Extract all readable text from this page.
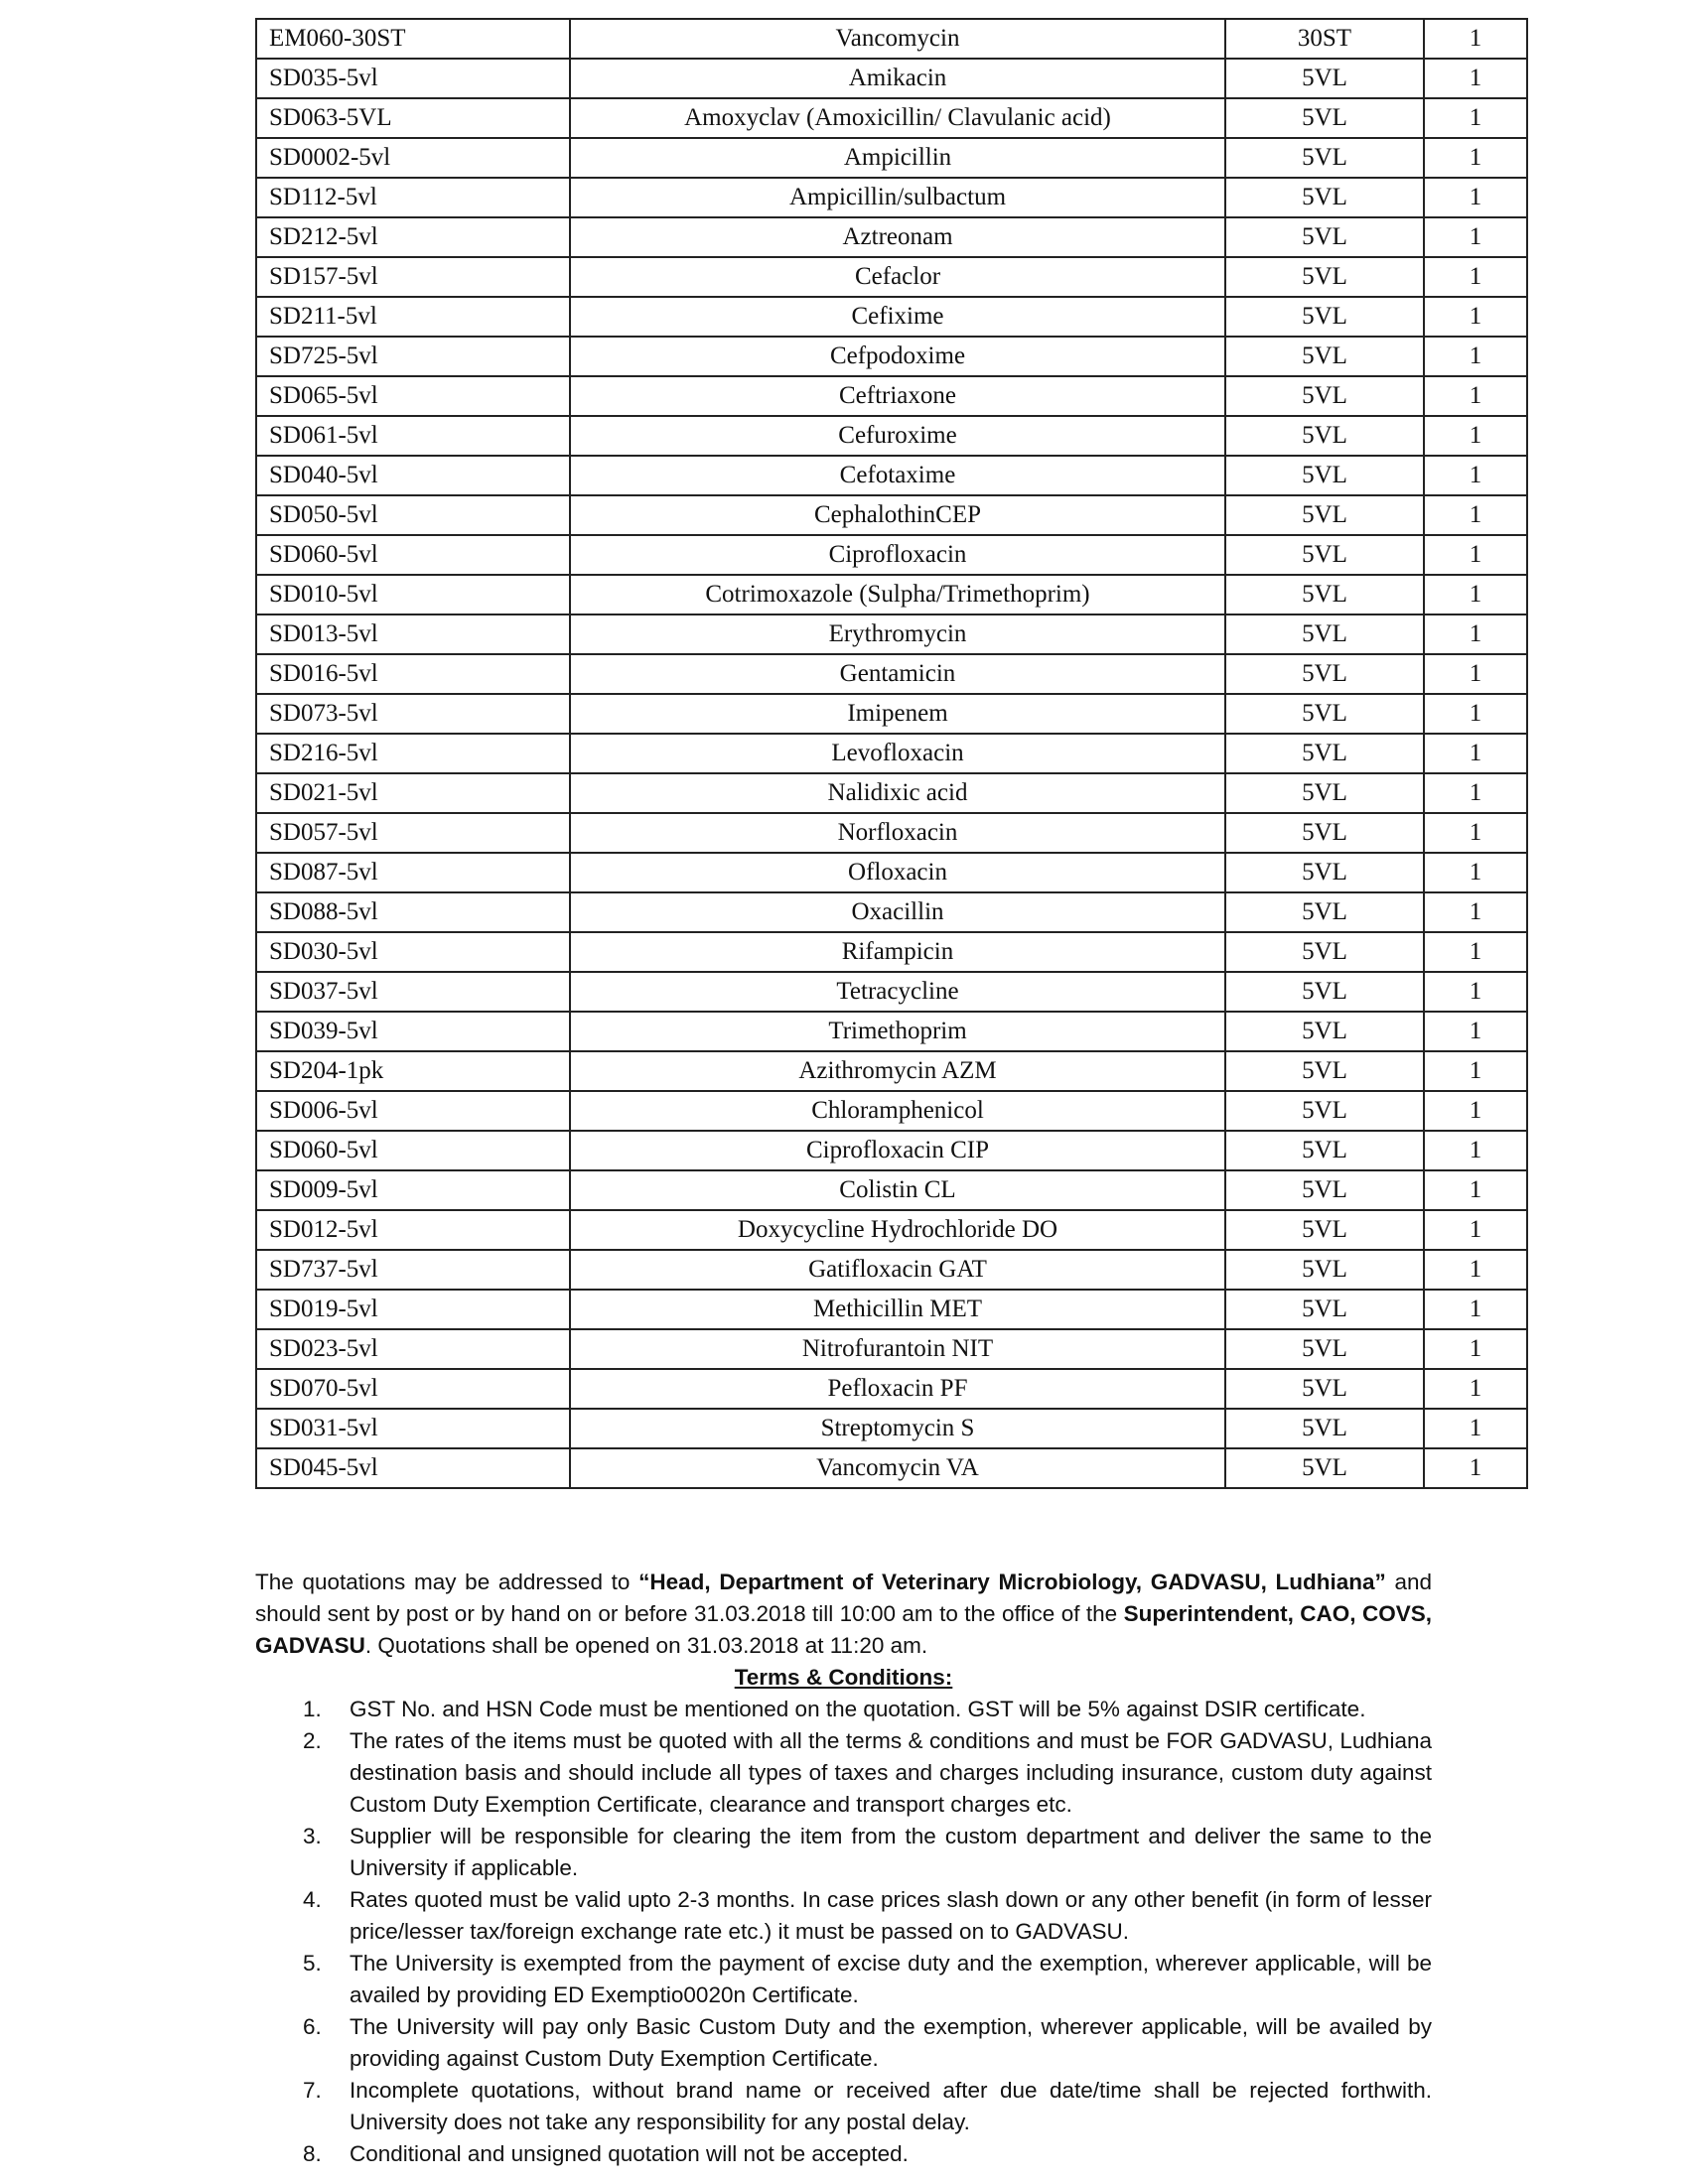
EM060-30ST	Vancomycin	30ST	1
SD035-5vl	Amikacin	5VL	1
SD063-5VL	Amoxyclav (Amoxicillin/ Clavulanic acid)	5VL	1
SD0002-5vl	Ampicillin	5VL	1
SD112-5vl	Ampicillin/sulbactum	5VL	1
SD212-5vl	Aztreonam	5VL	1
SD157-5vl	Cefaclor	5VL	1
SD211-5vl	Cefixime	5VL	1
SD725-5vl	Cefpodoxime	5VL	1
SD065-5vl	Ceftriaxone	5VL	1
SD061-5vl	Cefuroxime	5VL	1
SD040-5vl	Cefotaxime	5VL	1
SD050-5vl	CephalothinCEP	5VL	1
SD060-5vl	Ciprofloxacin	5VL	1
SD010-5vl	Cotrimoxazole (Sulpha/Trimethoprim)	5VL	1
SD013-5vl	Erythromycin	5VL	1
SD016-5vl	Gentamicin	5VL	1
SD073-5vl	Imipenem	5VL	1
SD216-5vl	Levofloxacin	5VL	1
SD021-5vl	Nalidixic acid	5VL	1
SD057-5vl	Norfloxacin	5VL	1
SD087-5vl	Ofloxacin	5VL	1
SD088-5vl	Oxacillin	5VL	1
SD030-5vl	Rifampicin	5VL	1
SD037-5vl	Tetracycline	5VL	1
SD039-5vl	Trimethoprim	5VL	1
SD204-1pk	Azithromycin AZM	5VL	1
SD006-5vl	Chloramphenicol	5VL	1
SD060-5vl	Ciprofloxacin CIP	5VL	1
SD009-5vl	Colistin CL	5VL	1
SD012-5vl	Doxycycline Hydrochloride DO	5VL	1
SD737-5vl	Gatifloxacin GAT	5VL	1
SD019-5vl	Methicillin MET	5VL	1
SD023-5vl	Nitrofurantoin NIT	5VL	1
SD070-5vl	Pefloxacin PF	5VL	1
SD031-5vl	Streptomycin S	5VL	1
SD045-5vl	Vancomycin VA	5VL	1

The quotations may be addressed to “Head, Department of Veterinary Microbiology, GADVASU, Ludhiana” and should sent by post or by hand on or before 31.03.2018 till 10:00 am to the office of the Superintendent, CAO, COVS, GADVASU. Quotations shall be opened on 31.03.2018 at 11:20 am.

Terms & Conditions:

1. GST No. and HSN Code must be mentioned on the quotation. GST will be 5% against DSIR certificate.
2. The rates of the items must be quoted with all the terms & conditions and must be FOR GADVASU, Ludhiana destination basis and should include all types of taxes and charges including insurance, custom duty against Custom Duty Exemption Certificate, clearance and transport charges etc.
3. Supplier will be responsible for clearing the item from the custom department and deliver the same to the University if applicable.
4. Rates quoted must be valid upto 2-3 months. In case prices slash down or any other benefit (in form of lesser price/lesser tax/foreign exchange rate etc.) it must be passed on to GADVASU.
5. The University is exempted from the payment of excise duty and the exemption, wherever applicable, will be availed by providing ED Exemptio0020n Certificate.
6. The University will pay only Basic Custom Duty and the exemption, wherever applicable, will be availed by providing against Custom Duty Exemption Certificate.
7. Incomplete quotations, without brand name or received after due date/time shall be rejected forthwith. University does not take any responsibility for any postal delay.
8. Conditional and unsigned quotation will not be accepted.
